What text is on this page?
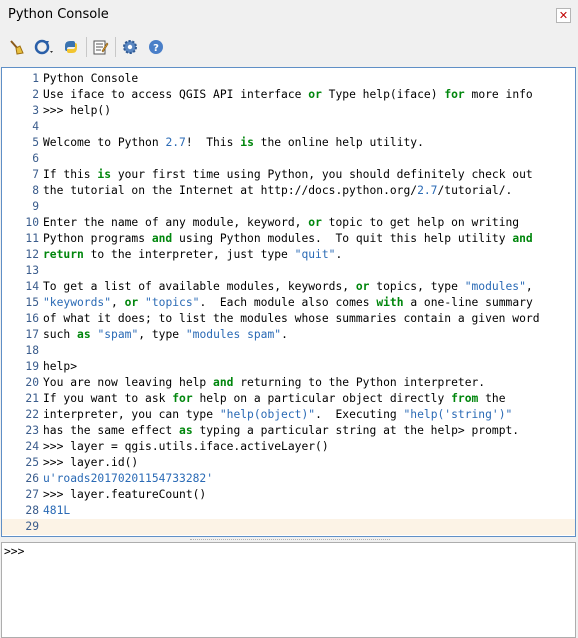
Python Console	✕
?
1 Python Console
2 Use iface to access QGIS API interface or Type help(iface) for more info
3 >>> help()
4
5 Welcome to Python 2.7!  This is the online help utility.
6
7 If this is your first time using Python, you should definitely check out
8 the tutorial on the Internet at http://docs.python.org/2.7/tutorial/.
9
10 Enter the name of any module, keyword, or topic to get help on writing
11 Python programs and using Python modules.  To quit this help utility and
12 return to the interpreter, just type "quit".
13
14 To get a list of available modules, keywords, or topics, type "modules",
15 "keywords", or "topics".  Each module also comes with a one-line summary
16 of what it does; to list the modules whose summaries contain a given word
17 such as "spam", type "modules spam".
18
19 help>
20 You are now leaving help and returning to the Python interpreter.
21 If you want to ask for help on a particular object directly from the
22 interpreter, you can type "help(object)".  Executing "help('string')"
23 has the same effect as typing a particular string at the help> prompt.
24 >>> layer = qgis.utils.iface.activeLayer()
25 >>> layer.id()
26 u'roads20170201154733282'
27 >>> layer.featureCount()
28 481L
29
>>>
